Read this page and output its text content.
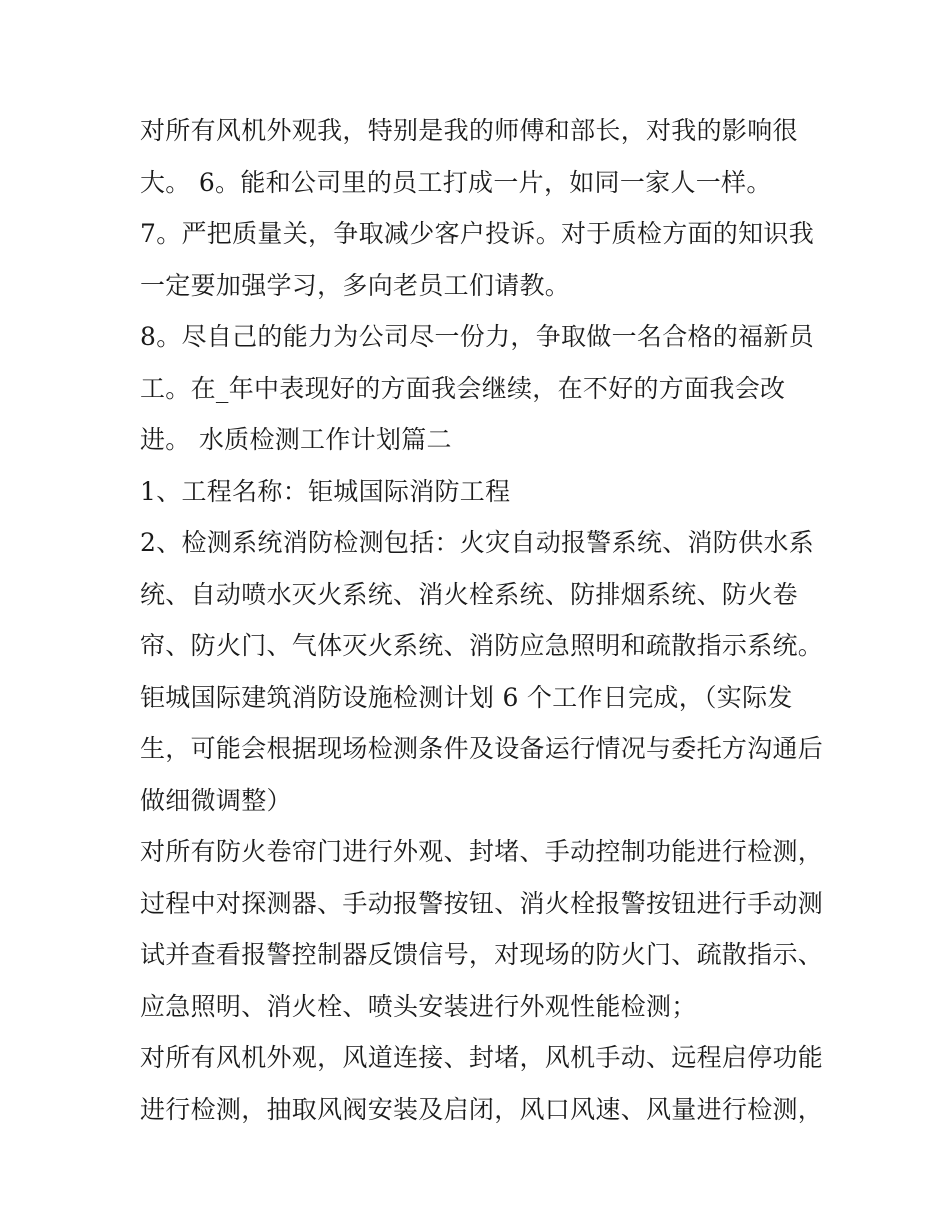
对所有风机外观我，特别是我的师傅和部长，对我的影响很
大。 6。能和公司里的员工打成一片，如同一家人一样。
7。严把质量关，争取减少客户投诉。对于质检方面的知识我
一定要加强学习，多向老员工们请教。
8。尽自己的能力为公司尽一份力，争取做一名合格的福新员
工。在_年中表现好的方面我会继续，在不好的方面我会改
进。 水质检测工作计划篇二
1、工程名称：钜城国际消防工程
2、检测系统消防检测包括：火灾自动报警系统、消防供水系
统、自动喷水灭火系统、消火栓系统、防排烟系统、防火卷
帘、防火门、气体灭火系统、消防应急照明和疏散指示系统。
钜城国际建筑消防设施检测计划 6 个工作日完成，（实际发
生，可能会根据现场检测条件及设备运行情况与委托方沟通后
做细微调整）
对所有防火卷帘门进行外观、封堵、手动控制功能进行检测，
过程中对探测器、手动报警按钮、消火栓报警按钮进行手动测
试并查看报警控制器反馈信号，对现场的防火门、疏散指示、
应急照明、消火栓、喷头安装进行外观性能检测；
对所有风机外观，风道连接、封堵，风机手动、远程启停功能
进行检测，抽取风阀安装及启闭，风口风速、风量进行检测，
